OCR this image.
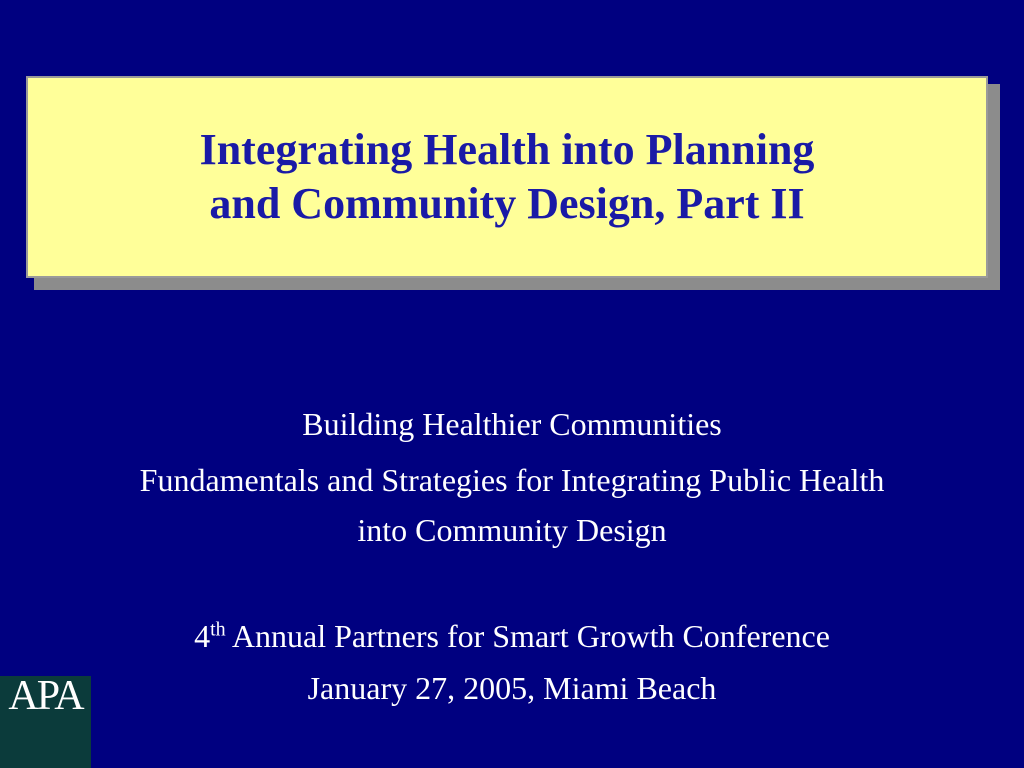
Integrating Health into Planning
and Community Design, Part II
Building Healthier Communities
Fundamentals and Strategies for Integrating Public Health
into Community Design
4th Annual Partners for Smart Growth Conference
January 27, 2005, Miami Beach
APA
